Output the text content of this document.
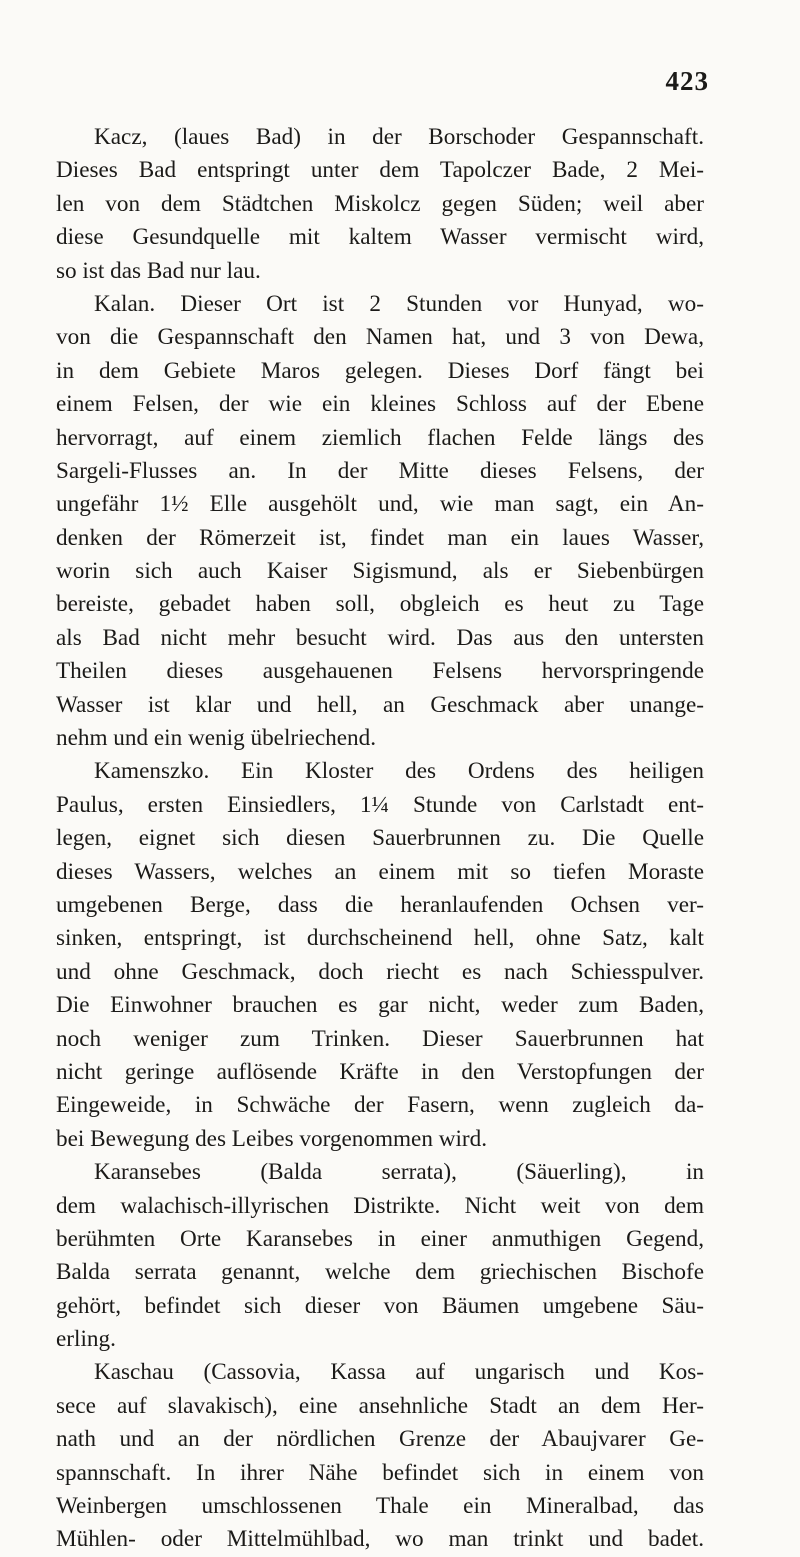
423
Kacz, (laues Bad) in der Borschoder Gespannschaft.
Dieses Bad entspringt unter dem Tapolczer Bade, 2 Mei-
len von dem Städtchen Miskolcz gegen Süden; weil aber
diese Gesundquelle mit kaltem Wasser vermischt wird,
so ist das Bad nur lau.
Kalan. Dieser Ort ist 2 Stunden vor Hunyad, wo-
von die Gespannschaft den Namen hat, und 3 von Dewa,
in dem Gebiete Maros gelegen. Dieses Dorf fängt bei
einem Felsen, der wie ein kleines Schloss auf der Ebene
hervorragt, auf einem ziemlich flachen Felde längs des
Sargeli-Flusses an. In der Mitte dieses Felsens, der
ungefähr 1½ Elle ausgehölt und, wie man sagt, ein An-
denken der Römerzeit ist, findet man ein laues Wasser,
worin sich auch Kaiser Sigismund, als er Siebenbürgen
bereiste, gebadet haben soll, obgleich es heut zu Tage
als Bad nicht mehr besucht wird. Das aus den untersten
Theilen dieses ausgehauenen Felsens hervorspringende
Wasser ist klar und hell, an Geschmack aber unange-
nehm und ein wenig übelriechend.
Kamenszko. Ein Kloster des Ordens des heiligen
Paulus, ersten Einsiedlers, 1¼ Stunde von Carlstadt ent-
legen, eignet sich diesen Sauerbrunnen zu. Die Quelle
dieses Wassers, welches an einem mit so tiefen Moraste
umgebenen Berge, dass die heranlaufenden Ochsen ver-
sinken, entspringt, ist durchscheinend hell, ohne Satz, kalt
und ohne Geschmack, doch riecht es nach Schiesspulver.
Die Einwohner brauchen es gar nicht, weder zum Baden,
noch weniger zum Trinken. Dieser Sauerbrunnen hat
nicht geringe auflösende Kräfte in den Verstopfungen der
Eingeweide, in Schwäche der Fasern, wenn zugleich da-
bei Bewegung des Leibes vorgenommen wird.
Karansebes (Balda serrata), (Säuerling), in
dem walachisch-illyrischen Distrikte. Nicht weit von dem
berühmten Orte Karansebes in einer anmuthigen Gegend,
Balda serrata genannt, welche dem griechischen Bischofe
gehört, befindet sich dieser von Bäumen umgebene Säu-
erling.
Kaschau (Cassovia, Kassa auf ungarisch und Kos-
sece auf slavakisch), eine ansehnliche Stadt an dem Her-
nath und an der nördlichen Grenze der Abaujvarer Ge-
spannschaft. In ihrer Nähe befindet sich in einem von
Weinbergen umschlossenen Thale ein Mineralbad, das
Mühlen- oder Mittelmühlbad, wo man trinkt und badet.
